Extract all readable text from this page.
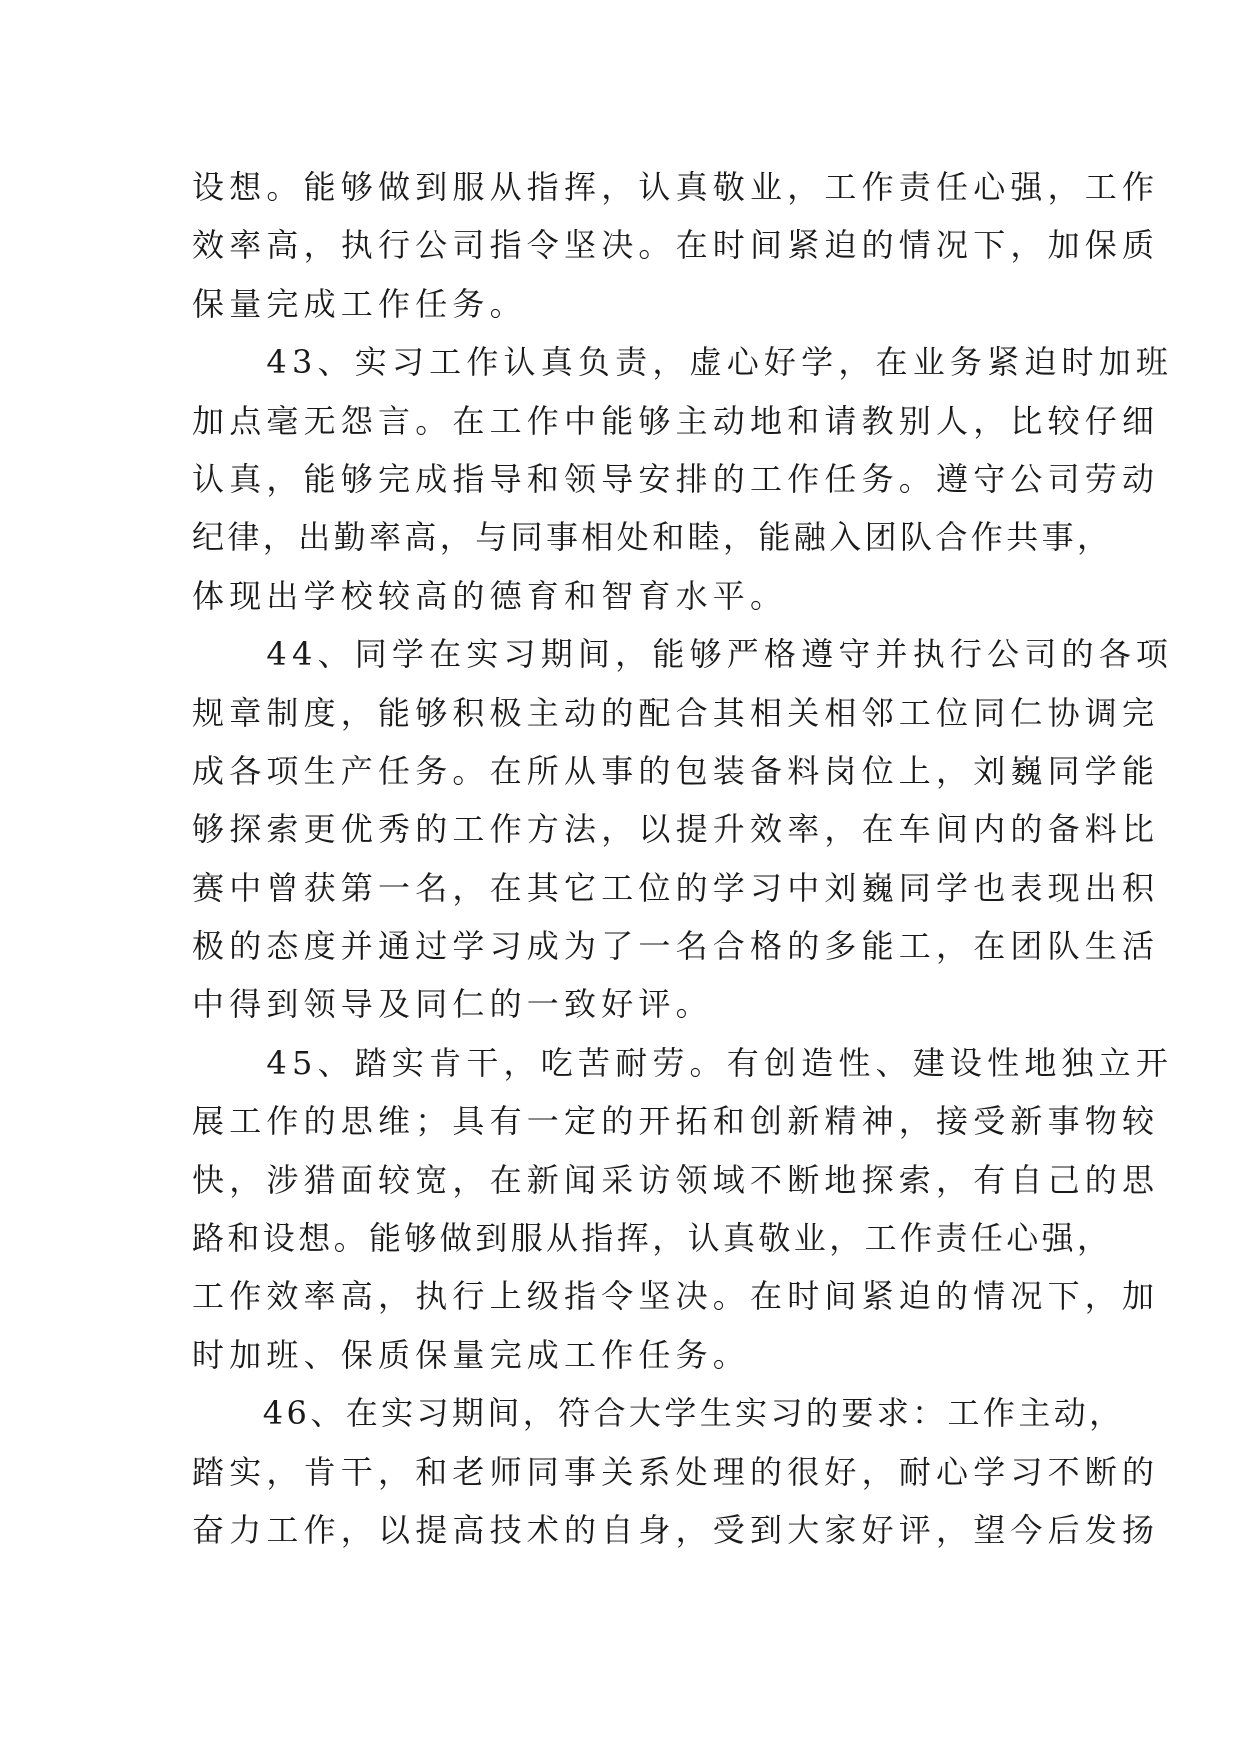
设想。能够做到服从指挥，认真敬业，工作责任心强，工作
效率高，执行公司指令坚决。在时间紧迫的情况下，加保质
保量完成工作任务。
　　43、实习工作认真负责，虚心好学，在业务紧迫时加班
加点毫无怨言。在工作中能够主动地和请教别人，比较仔细
认真，能够完成指导和领导安排的工作任务。遵守公司劳动
纪律，出勤率高，与同事相处和睦，能融入团队合作共事，
体现出学校较高的德育和智育水平。
　　44、同学在实习期间，能够严格遵守并执行公司的各项
规章制度，能够积极主动的配合其相关相邻工位同仁协调完
成各项生产任务。在所从事的包装备料岗位上，刘巍同学能
够探索更优秀的工作方法，以提升效率，在车间内的备料比
赛中曾获第一名，在其它工位的学习中刘巍同学也表现出积
极的态度并通过学习成为了一名合格的多能工，在团队生活
中得到领导及同仁的一致好评。
　　45、踏实肯干，吃苦耐劳。有创造性、建设性地独立开
展工作的思维；具有一定的开拓和创新精神，接受新事物较
快，涉猎面较宽，在新闻采访领域不断地探索，有自己的思
路和设想。能够做到服从指挥，认真敬业，工作责任心强，
工作效率高，执行上级指令坚决。在时间紧迫的情况下，加
时加班、保质保量完成工作任务。
　　46、在实习期间，符合大学生实习的要求：工作主动，
踏实，肯干，和老师同事关系处理的很好，耐心学习不断的
奋力工作，以提高技术的自身，受到大家好评，望今后发扬
